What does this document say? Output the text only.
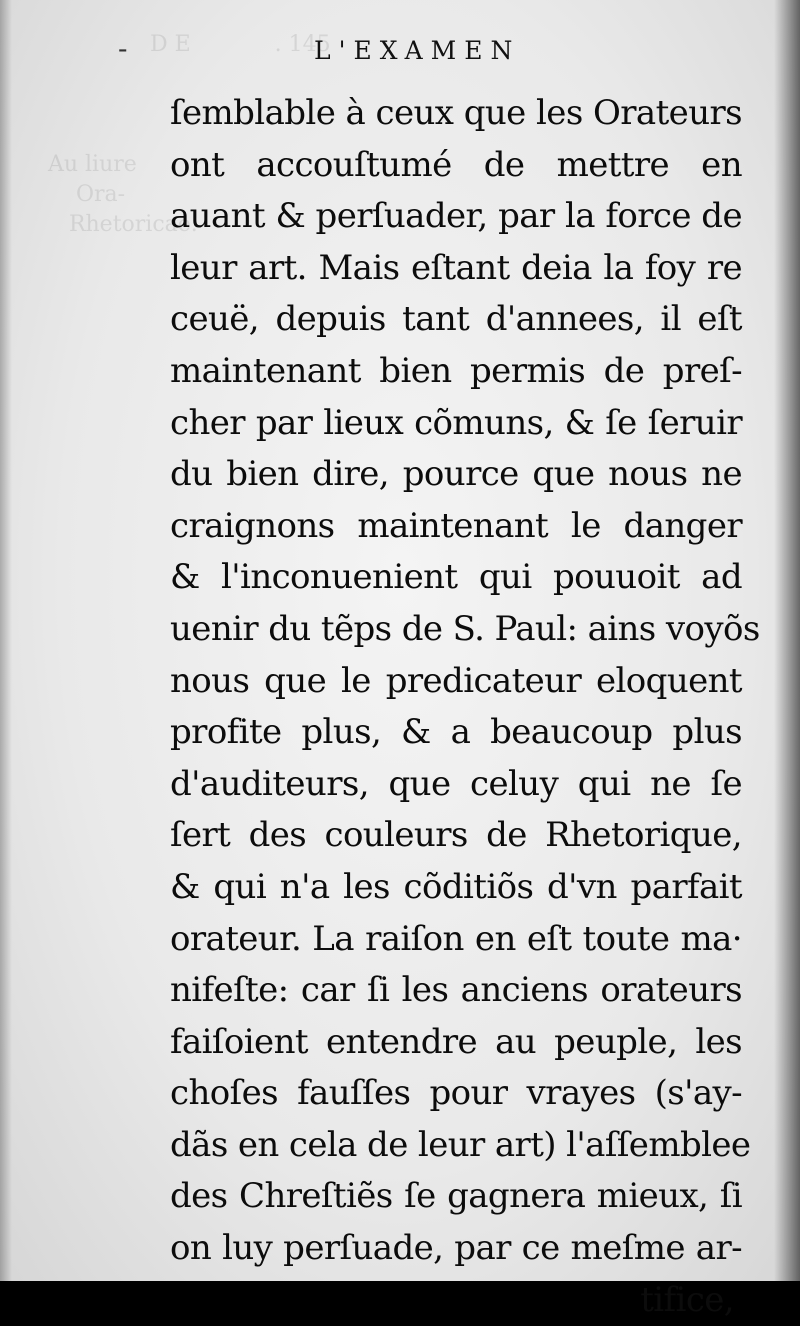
D E            . 145
Au liure
Ora-
Rhetoricae.
-	L'EXAMEN
ſemblable à ceux que les Orateurs
ont accouſtumé de mettre en
auant & perſuader, par la force de
leur art. Mais eſtant deia la foy re
ceuë, depuis tant d'annees, il eſt
maintenant bien permis de preſ-
cher par lieux cõmuns, & ſe ſeruir
du bien dire, pource que nous ne
craignons maintenant le danger
& l'inconuenient qui pouuoit ad
uenir du tẽps de S. Paul: ains voyõs
nous que le predicateur eloquent
profite plus, & a beaucoup plus
d'auditeurs, que celuy qui ne ſe
ſert des couleurs de Rhetorique,
& qui n'a les cõditiõs d'vn parfait
orateur. La raiſon en eſt toute ma·
nifeſte: car ſi les anciens orateurs
faiſoient entendre au peuple, les
choſes fauſſes pour vrayes (s'ay-
dãs en cela de leur art) l'aſſemblee
des Chreſtiẽs ſe gagnera mieux, ſi
on luy perſuade, par ce meſme ar-
tifice,
